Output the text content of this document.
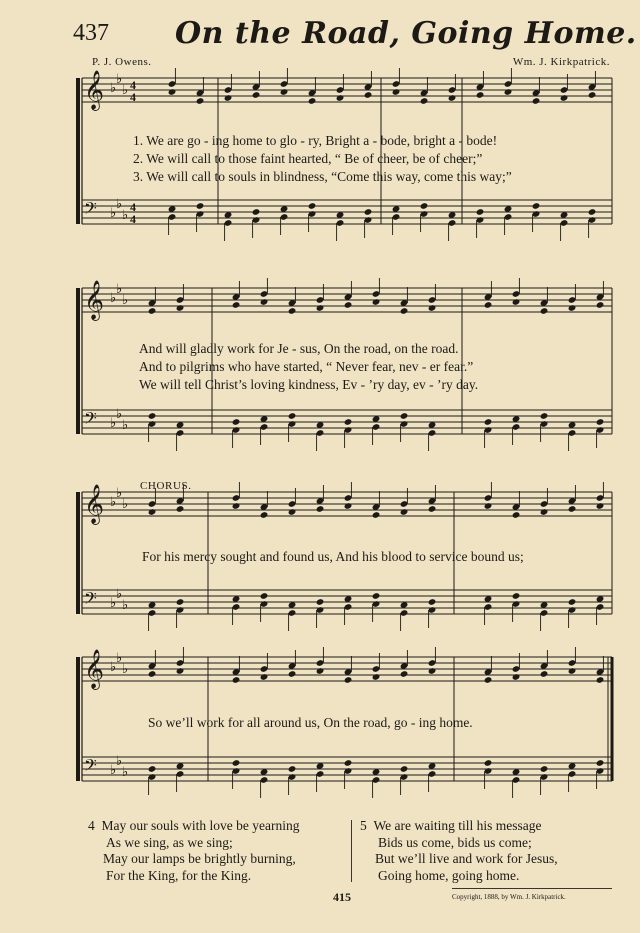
437 On the Road, Going Home.
P. J. Owens.	Wm. J. Kirkpatrick.
𝄞 ♭
♭
♭ 4
4
𝄢 ♭
♭
♭ 4
4
𝄞 ♭
♭
♭
𝄢 ♭
♭
♭
𝄞 ♭
♭
♭
𝄢 ♭
♭
♭
𝄞 ♭
♭
♭
𝄢 ♭
♭
♭
1. We are go - ing home to glo - ry, Bright a - bode, bright a - bode!
2. We will call to those faint hearted, “ Be of cheer, be of cheer;”
3. We will call to souls in blindness, “Come this way, come this way;”
And will gladly work for Je - sus, On the road, on the road.
And to pilgrims who have started, “ Never fear, nev - er fear.”
We will tell Christ’s loving kindness, Ev - ’ry day, ev - ’ry day.
CHORUS.
For his mercy sought and found us, And his blood to service bound us;
So we’ll work for all around us, On the road, go - ing home.
4 May our souls with love be yearning
As we sing, as we sing;
May our lamps be brightly burning,
For the King, for the King.
5 We are waiting till his message
Bids us come, bids us come;
But we’ll live and work for Jesus,
Going home, going home.
415	Copyright, 1888, by Wm. J. Kirkpatrick.
